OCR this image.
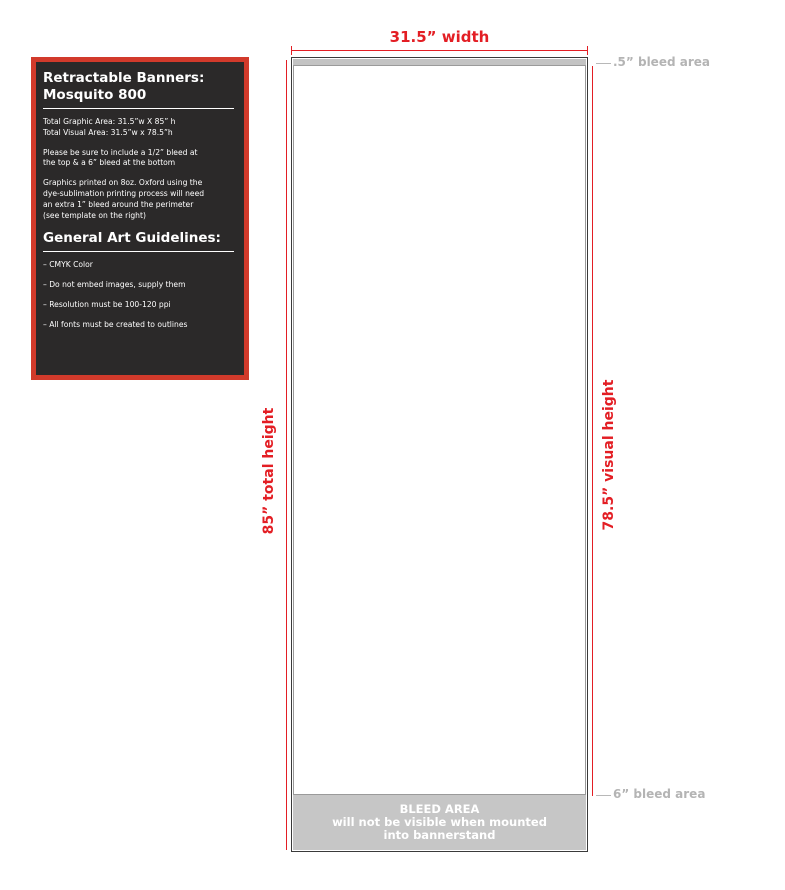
Retractable Banners:
Mosquito 800

Total Graphic Area: 31.5”w X 85” h
Total Visual Area: 31.5”w x 78.5”h

Please be sure to include a 1/2” bleed at
the top & a 6” bleed at the bottom

Graphics printed on 8oz. Oxford using the
dye-sublimation printing process will need
an extra 1” bleed around the perimeter
(see template on the right)

General Art Guidelines:
– CMYK Color
– Do not embed images, supply them
– Resolution must be 100-120 ppi
– All fonts must be created to outlines
31.5” width
85” total height	78.5” visual height
BLEED AREA
will not be visible when mounted
into bannerstand
.5” bleed area
6” bleed area
